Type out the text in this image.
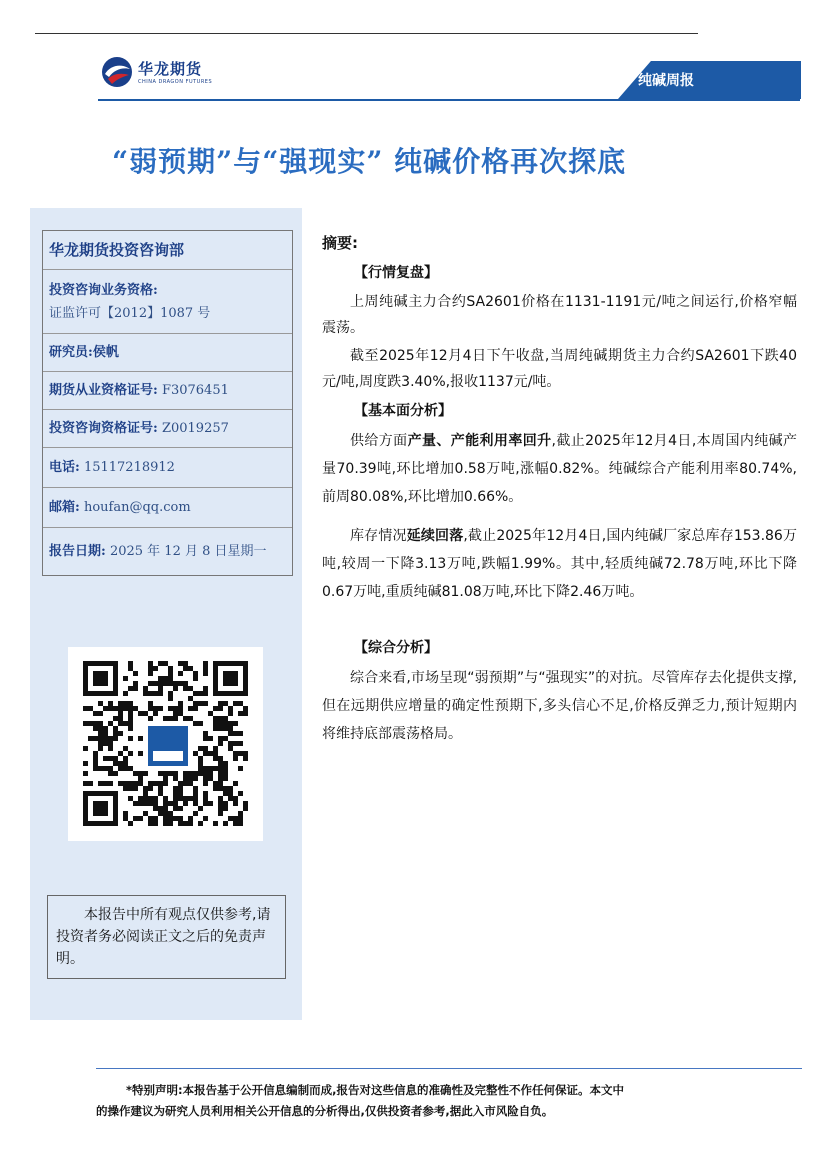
华龙期货
CHINA DRAGON FUTURES	纯碱周报
“弱预期”与“强现实” 纯碱价格再次探底
华龙期货投资咨询部
投资咨询业务资格:
证监许可【2012】1087 号
研究员:侯帆
期货从业资格证号: F3076451
投资咨询资格证号: Z0019257
电话: 15117218912
邮箱: houfan@qq.com
报告日期: 2025 年 12 月 8 日星期一
本报告中所有观点仅供参考,请投资者务必阅读正文之后的免责声明。
摘要:
【行情复盘】
上周纯碱主力合约SA2601价格在1131-1191元/吨之间运行,价格窄幅震荡。
截至2025年12月4日下午收盘,当周纯碱期货主力合约SA2601下跌40元/吨,周度跌3.40%,报收1137元/吨。
【基本面分析】
供给方面产量、产能利用率回升,截止2025年12月4日,本周国内纯碱产量70.39吨,环比增加0.58万吨,涨幅0.82%。纯碱综合产能利用率80.74%,前周80.08%,环比增加0.66%。
库存情况延续回落,截止2025年12月4日,国内纯碱厂家总库存153.86万吨,较周一下降3.13万吨,跌幅1.99%。其中,轻质纯碱72.78万吨,环比下降0.67万吨,重质纯碱81.08万吨,环比下降2.46万吨。
【综合分析】
综合来看,市场呈现“弱预期”与“强现实”的对抗。尽管库存去化提供支撑,但在远期供应增量的确定性预期下,多头信心不足,价格反弹乏力,预计短期内将维持底部震荡格局。
*特别声明:本报告基于公开信息编制而成,报告对这些信息的准确性及完整性不作任何保证。本文中
的操作建议为研究人员利用相关公开信息的分析得出,仅供投资者参考,据此入市风险自负。
